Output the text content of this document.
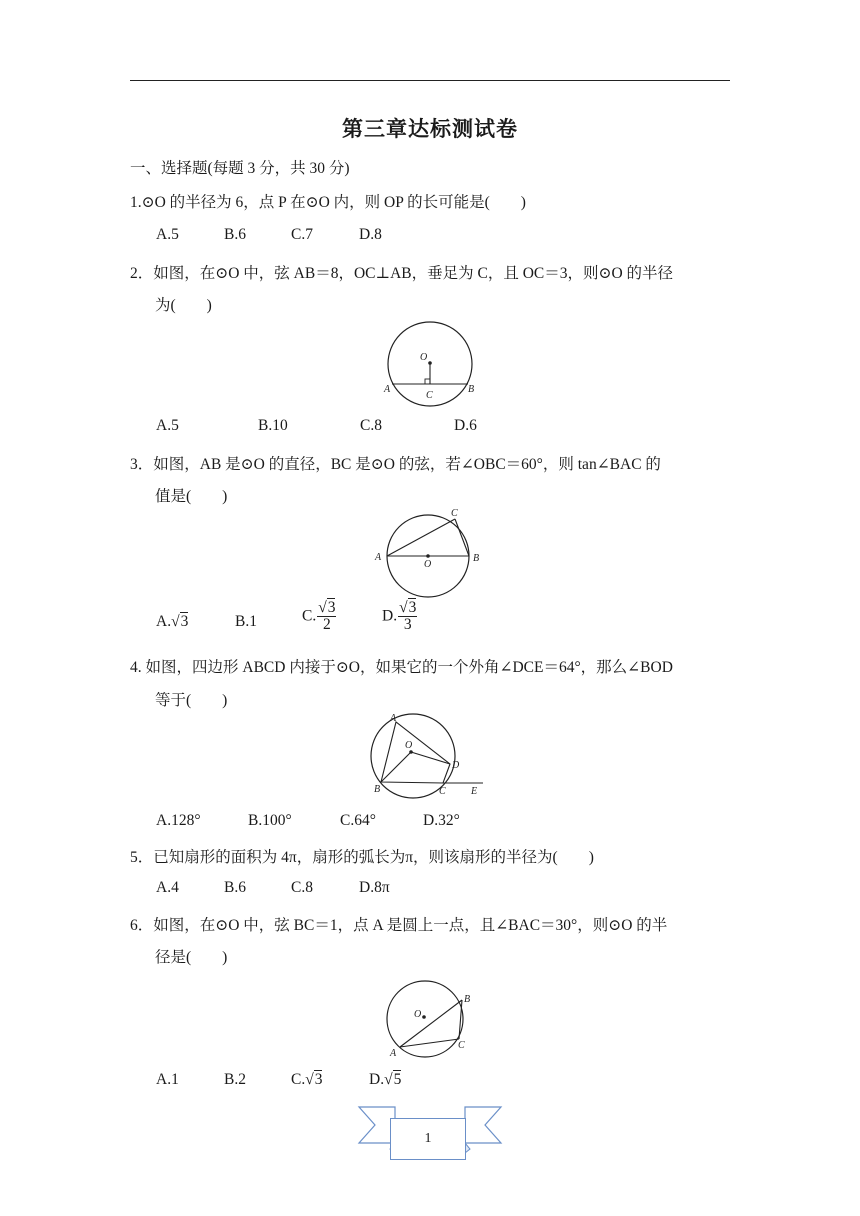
第三章达标测试卷
一、选择题(每题 3 分，共 30 分)
1.⊙O 的半径为 6，点 P 在⊙O 内，则 OP 的长可能是(　　)
A.5	B.6	C.7	D.8
2．如图，在⊙O 中，弦 AB＝8，OC⊥AB，垂足为 C，且 OC＝3，则⊙O 的半径
为(　　)
O
A	B
C
A.5	B.10	C.8	D.6
3．如图，AB 是⊙O 的直径，BC 是⊙O 的弦，若∠OBC＝60°，则 tan∠BAC 的
值是(　　)
A	B
C
O
A.√3	B.1	C. $\frac{√3}{2}$	D. $\frac{√3}{3}$
4. 如图，四边形 ABCD 内接于⊙O，如果它的一个外角∠DCE＝64°，那么∠BOD
等于(　　)
A
O
D
B	C	E
A.128°	B.100°	C.64°	D.32°
5．已知扇形的面积为 4π，扇形的弧长为π，则该扇形的半径为(　　)
A.4	B.6	C.8	D.8π
6．如图，在⊙O 中，弦 BC＝1，点 A 是圆上一点，且∠BAC＝30°，则⊙O 的半
径是(　　)
O
B
A
C
A.1	B.2	C.√3	D.√5
1
